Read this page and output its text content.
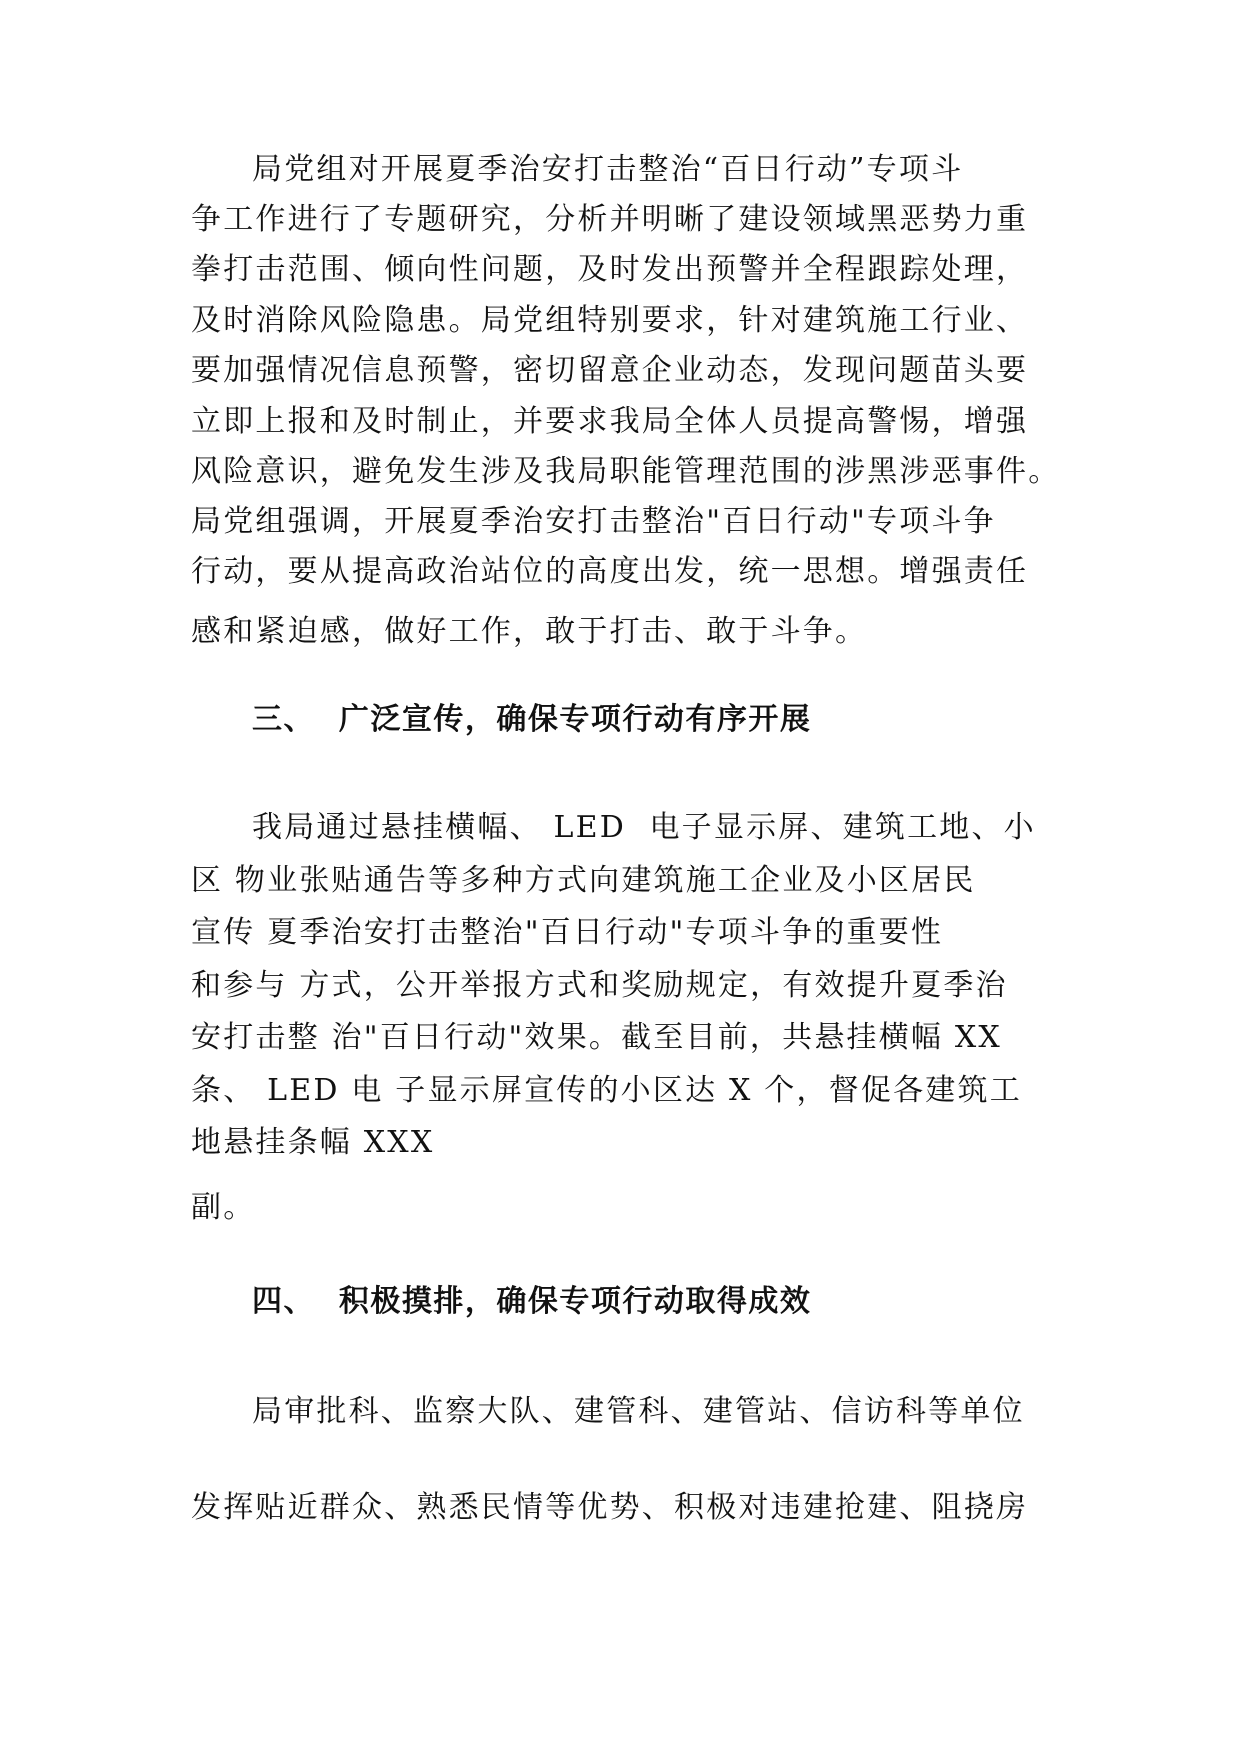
局党组对开展夏季治安打击整治“百日行动”专项斗
争工作进行了专题研究，分析并明晰了建设领域黑恶势力重
拳打击范围、倾向性问题，及时发出预警并全程跟踪处理，
及时消除风险隐患。局党组特别要求，针对建筑施工行业、
要加强情况信息预警，密切留意企业动态，发现问题苗头要
立即上报和及时制止，并要求我局全体人员提高警惕，增强
风险意识，避免发生涉及我局职能管理范围的涉黑涉恶事件。
局党组强调，开展夏季治安打击整治"百日行动"专项斗争
行动，要从提高政治站位的高度出发，统一思想。增强责任
感和紧迫感，做好工作，敢于打击、敢于斗争。
三、  广泛宣传，确保专项行动有序开展
我局通过悬挂横幅、 LED  电子显示屏、建筑工地、小
区 物业张贴通告等多种方式向建筑施工企业及小区居民
宣传 夏季治安打击整治"百日行动"专项斗争的重要性
和参与 方式，公开举报方式和奖励规定，有效提升夏季治
安打击整 治"百日行动"效果。截至目前，共悬挂横幅 XX
条、 LED 电 子显示屏宣传的小区达 X 个，督促各建筑工
地悬挂条幅 XXX
副。
四、  积极摸排，确保专项行动取得成效
局审批科、监察大队、建管科、建管站、信访科等单位
发挥贴近群众、熟悉民情等优势、积极对违建抢建、阻挠房
